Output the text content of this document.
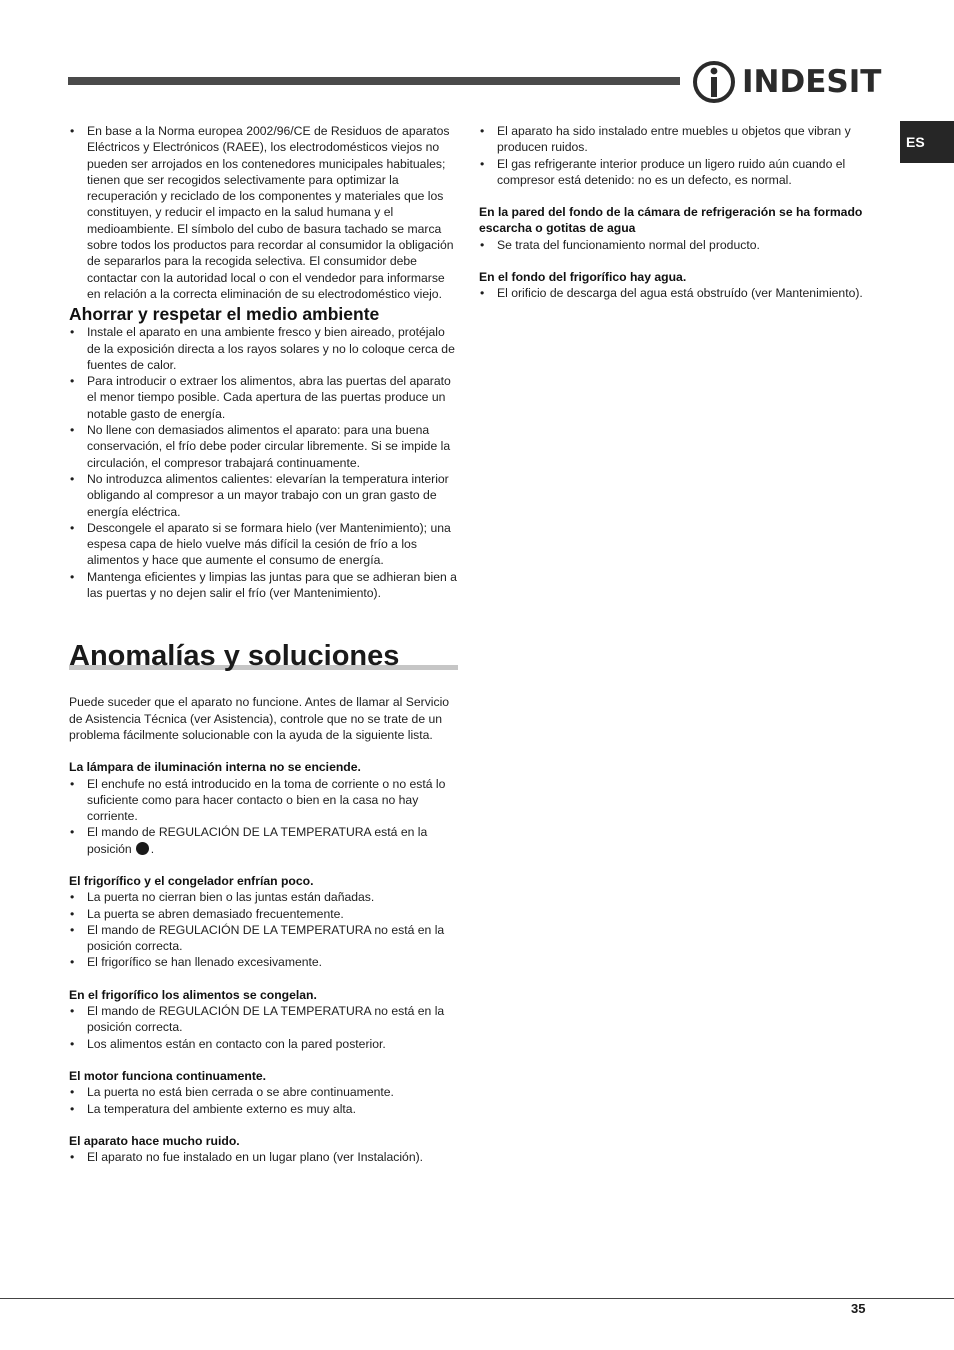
INDESIT
ES
• En base a la Norma europea 2002/96/CE de Residuos de aparatos Eléctricos y Electrónicos (RAEE), los electrodomésticos viejos no pueden ser arrojados en los contenedores municipales habituales; tienen que ser recogidos selectivamente para optimizar la recuperación y reciclado de los componentes y materiales que los constituyen, y reducir el impacto en la salud humana y el medioambiente. El símbolo del cubo de basura tachado se marca sobre todos los productos para recordar al consumidor la obligación de separarlos para la recogida selectiva. El consumidor debe contactar con la autoridad local o con el vendedor para informarse en relación a la correcta eliminación de su electrodoméstico viejo.
Ahorrar y respetar el medio ambiente
• Instale el aparato en una ambiente fresco y bien aireado, protéjalo de la exposición directa a los rayos solares y no lo coloque cerca de fuentes de calor.
• Para introducir o extraer los alimentos, abra las puertas del aparato el menor tiempo posible. Cada apertura de las puertas produce un notable gasto de energía.
• No llene con demasiados alimentos el aparato: para una buena conservación, el frío debe poder circular libremente. Si se impide la circulación, el compresor trabajará continuamente.
• No introduzca alimentos calientes: elevarían la temperatura interior obligando al compresor a un mayor trabajo con un gran gasto de energía eléctrica.
• Descongele el aparato si se formara hielo (ver Mantenimiento); una espesa capa de hielo vuelve más difícil la cesión de frío a los alimentos y hace que aumente el consumo de energía.
• Mantenga eficientes y limpias las juntas para que se adhieran bien a las puertas y no dejen salir el frío (ver Mantenimiento).
Anomalías y soluciones

Puede suceder que el aparato no funcione. Antes de llamar al Servicio de Asistencia Técnica (ver Asistencia), controle que no se trate de un problema fácilmente solucionable con la ayuda de la siguiente lista.

La lámpara de iluminación interna no se enciende.
• El enchufe no está introducido en la toma de corriente o no está lo suficiente como para hacer contacto o bien en la casa no hay corriente.
• El mando de REGULACIÓN DE LA TEMPERATURA está en la posición .
El frigorífico y el congelador enfrían poco.
• La puerta no cierran bien o las juntas están dañadas.
• La puerta se abren demasiado frecuentemente.
• El mando de REGULACIÓN DE LA TEMPERATURA no está en la posición correcta.
• El frigorífico se han llenado excesivamente.
En el frigorífico los alimentos se congelan.
• El mando de REGULACIÓN DE LA TEMPERATURA no está en la posición correcta.
• Los alimentos están en contacto con la pared posterior.
El motor funciona continuamente.
• La puerta no está bien cerrada o se abre continuamente.
• La temperatura del ambiente externo es muy alta.
El aparato hace mucho ruido.
• El aparato no fue instalado en un lugar plano (ver Instalación).
• El aparato ha sido instalado entre muebles u objetos que vibran y producen ruidos.
• El gas refrigerante interior produce un ligero ruido aún cuando el compresor está detenido: no es un defecto, es normal.
En la pared del fondo de la cámara de refrigeración se ha formado escarcha o gotitas de agua
• Se trata del funcionamiento normal del producto.
En el fondo del frigorífico hay agua.
• El orificio de descarga del agua está obstruído (ver Mantenimiento).
35
